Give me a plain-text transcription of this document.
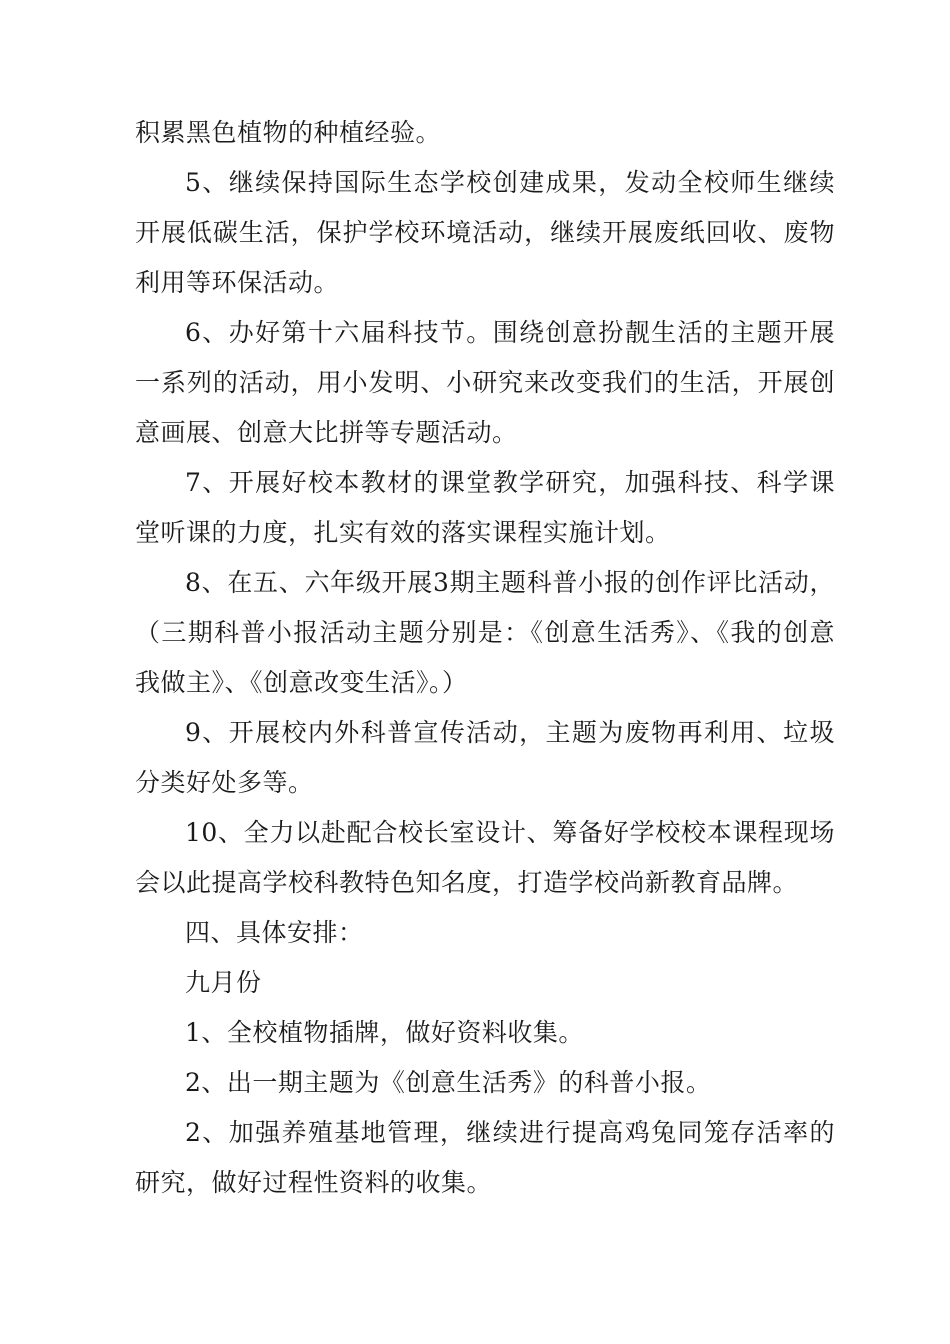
积累黑色植物的种植经验。

5、继续保持国际生态学校创建成果，发动全校师生继续开展低碳生活，保护学校环境活动，继续开展废纸回收、废物利用等环保活动。

6、办好第十六届科技节。围绕创意扮靓生活的主题开展一系列的活动，用小发明、小研究来改变我们的生活，开展创意画展、创意大比拼等专题活动。

7、开展好校本教材的课堂教学研究，加强科技、科学课堂听课的力度，扎实有效的落实课程实施计划。

8、在五、六年级开展3期主题科普小报的创作评比活动，（三期科普小报活动主题分别是：《创意生活秀》、《我的创意我做主》、《创意改变生活》。）

9、开展校内外科普宣传活动，主题为废物再利用、垃圾分类好处多等。

10、全力以赴配合校长室设计、筹备好学校校本课程现场会以此提高学校科教特色知名度，打造学校尚新教育品牌。

四、具体安排：

九月份

1、全校植物插牌，做好资料收集。

2、出一期主题为《创意生活秀》的科普小报。

2、加强养殖基地管理，继续进行提高鸡兔同笼存活率的研究，做好过程性资料的收集。
